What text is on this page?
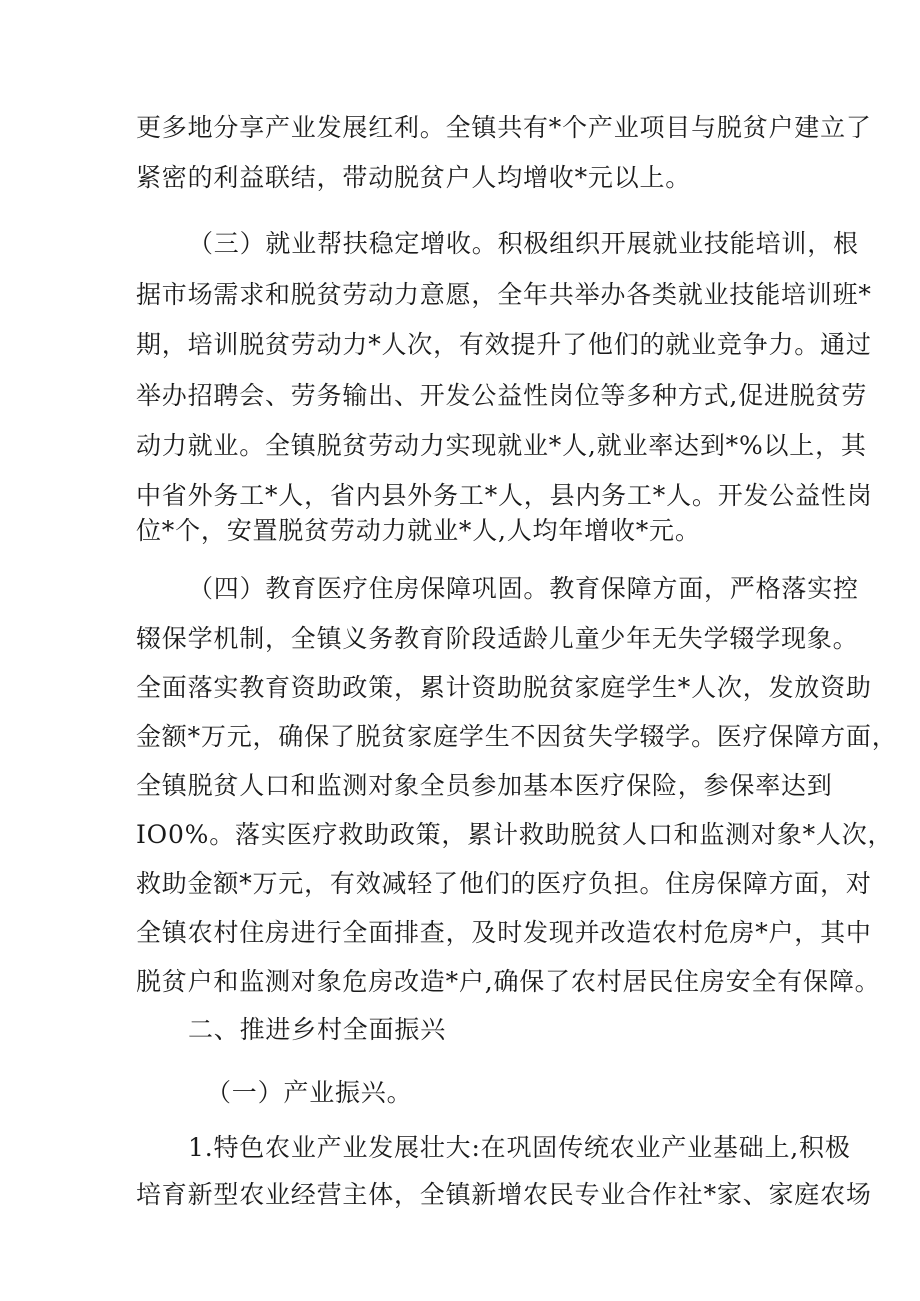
更多地分享产业发展红利。全镇共有*个产业项目与脱贫户建立了
紧密的利益联结，带动脱贫户人均增收*元以上。
（三）就业帮扶稳定增收。积极组织开展就业技能培训，根
据市场需求和脱贫劳动力意愿，全年共举办各类就业技能培训班*
期，培训脱贫劳动力*人次，有效提升了他们的就业竞争力。通过
举办招聘会、劳务输出、开发公益性岗位等多种方式,促进脱贫劳
动力就业。全镇脱贫劳动力实现就业*人,就业率达到*%以上，其
中省外务工*人，省内县外务工*人，县内务工*人。开发公益性岗
位*个，安置脱贫劳动力就业*人,人均年增收*元。
（四）教育医疗住房保障巩固。教育保障方面，严格落实控
辍保学机制，全镇义务教育阶段适龄儿童少年无失学辍学现象。
全面落实教育资助政策，累计资助脱贫家庭学生*人次，发放资助
金额*万元，确保了脱贫家庭学生不因贫失学辍学。医疗保障方面，
全镇脱贫人口和监测对象全员参加基本医疗保险，参保率达到
IO0%。落实医疗救助政策，累计救助脱贫人口和监测对象*人次，
救助金额*万元，有效减轻了他们的医疗负担。住房保障方面，对
全镇农村住房进行全面排查，及时发现并改造农村危房*户，其中
脱贫户和监测对象危房改造*户,确保了农村居民住房安全有保障。
二、推进乡村全面振兴
（一）产业振兴。
1.特色农业产业发展壮大:在巩固传统农业产业基础上,积极
培育新型农业经营主体，全镇新增农民专业合作社*家、家庭农场
